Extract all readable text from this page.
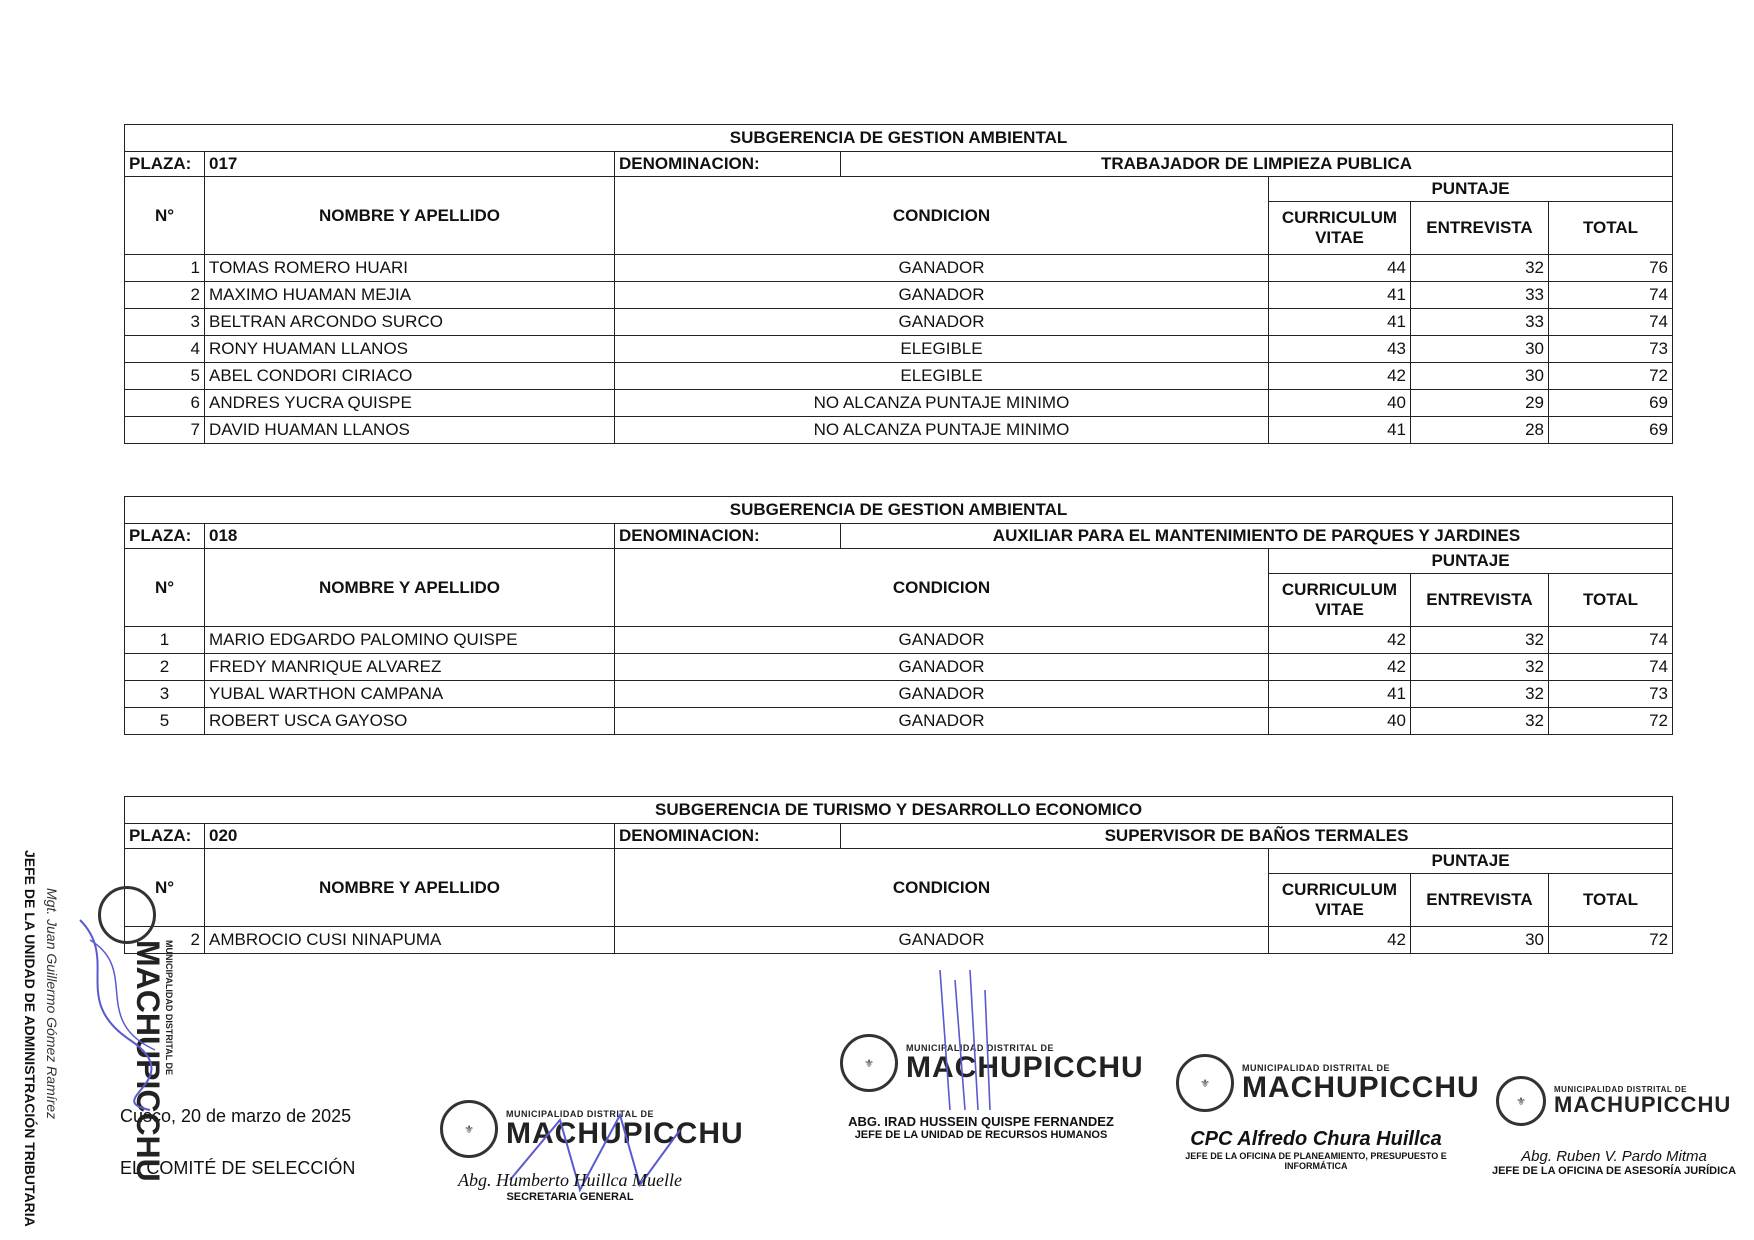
SUBGERENCIA DE GESTION AMBIENTAL						
PLAZA:	017	DENOMINACION:	TRABAJADOR DE LIMPIEZA PUBLICA			
N°	NOMBRE Y APELLIDO	CONDICION		PUNTAJE		
				CURRICULUM
VITAE	ENTREVISTA	TOTAL
1	TOMAS ROMERO HUARI	GANADOR		44	32	76
2	MAXIMO HUAMAN MEJIA	GANADOR		41	33	74
3	BELTRAN ARCONDO SURCO	GANADOR		41	33	74
4	RONY HUAMAN LLANOS	ELEGIBLE		43	30	73
5	ABEL CONDORI CIRIACO	ELEGIBLE		42	30	72
6	ANDRES YUCRA QUISPE	NO ALCANZA PUNTAJE MINIMO		40	29	69
7	DAVID HUAMAN LLANOS	NO ALCANZA PUNTAJE MINIMO		41	28	69
SUBGERENCIA DE GESTION AMBIENTAL						
PLAZA:	018	DENOMINACION:	AUXILIAR PARA EL MANTENIMIENTO DE PARQUES Y JARDINES			
N°	NOMBRE Y APELLIDO	CONDICION		PUNTAJE		
				CURRICULUM
VITAE	ENTREVISTA	TOTAL
1	MARIO EDGARDO PALOMINO QUISPE	GANADOR		42	32	74
2	FREDY MANRIQUE ALVAREZ	GANADOR		42	32	74
3	YUBAL WARTHON CAMPANA	GANADOR		41	32	73
5	ROBERT USCA GAYOSO	GANADOR		40	32	72
SUBGERENCIA DE TURISMO Y DESARROLLO ECONOMICO						
PLAZA:	020	DENOMINACION:	SUPERVISOR DE BAÑOS TERMALES			
N°	NOMBRE Y APELLIDO	CONDICION		PUNTAJE		
				CURRICULUM
VITAE	ENTREVISTA	TOTAL
2	AMBROCIO CUSI NINAPUMA	GANADOR		42	30	72
Cusco, 20 de marzo de 2025
EL COMITÉ DE SELECCIÓN
JEFE DE LA UNIDAD DE ADMINISTRACIÓN TRIBUTARIA Mgt. Juan Guillermo Gómez Ramírez MACHUPICCHU
MUNICIPALIDAD DISTRITAL DE
⚜
MUNICIPALIDAD DISTRITAL DE
MACHUPICCHU
Abg. Humberto Huillca Muelle
SECRETARIA GENERAL
⚜
MUNICIPALIDAD DISTRITAL DE
MACHUPICCHU
ABG. IRAD HUSSEIN QUISPE FERNANDEZ
JEFE DE LA UNIDAD DE RECURSOS HUMANOS
⚜
MUNICIPALIDAD DISTRITAL DE
MACHUPICCHU
CPC Alfredo Chura Huillca
JEFE DE LA OFICINA DE PLANEAMIENTO, PRESUPUESTO E INFORMÁTICA
⚜
MUNICIPALIDAD DISTRITAL DE
MACHUPICCHU
Abg. Ruben V. Pardo Mitma
JEFE DE LA OFICINA DE ASESORÍA JURÍDICA
